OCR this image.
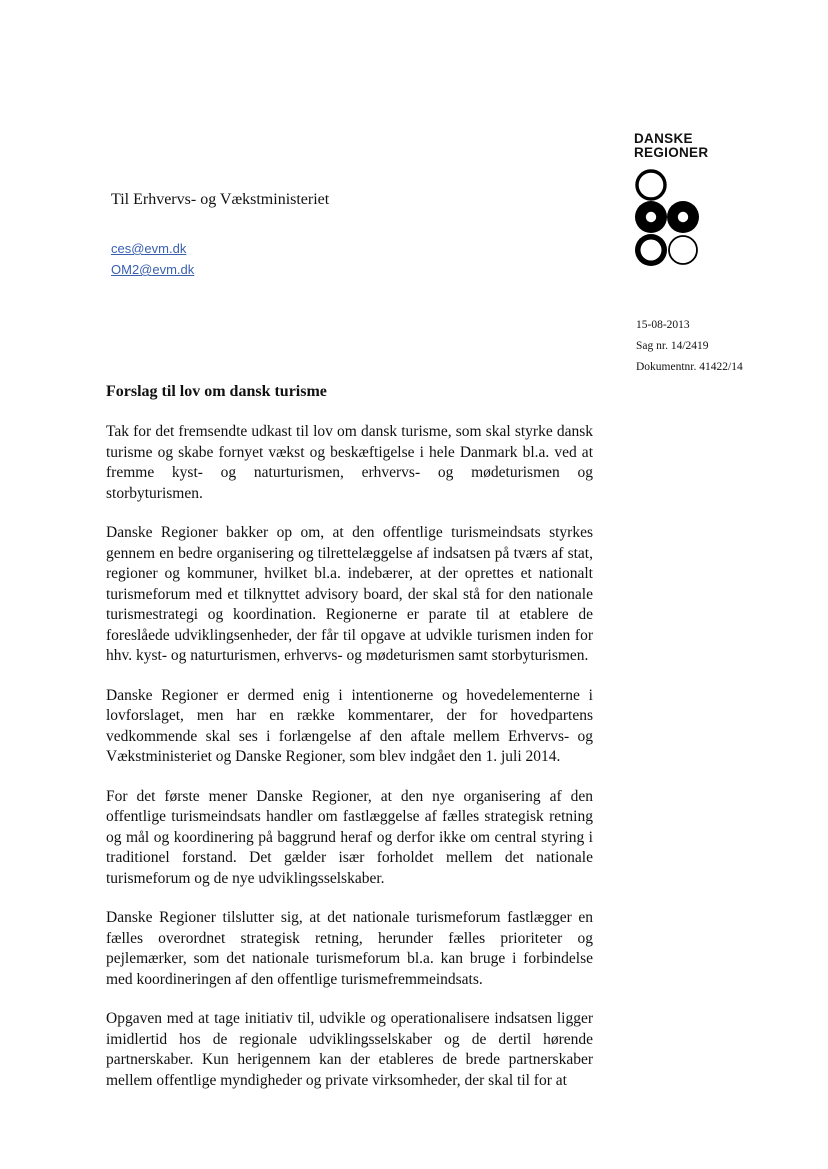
DANSKE
REGIONER
Til Erhvervs- og Vækstministeriet
ces@evm.dk
OM2@evm.dk
15-08-2013
Sag nr. 14/2419
Dokumentnr. 41422/14
Forslag til lov om dansk turisme

Tak for det fremsendte udkast til lov om dansk turisme, som skal styrke dansk turisme og skabe fornyet vækst og beskæftigelse i hele Danmark bl.a. ved at fremme kyst- og naturturismen, erhvervs- og mødeturismen og storbyturismen.

Danske Regioner bakker op om, at den offentlige turismeindsats styrkes gennem en bedre organisering og tilrettelæggelse af indsatsen på tværs af stat, regioner og kommuner, hvilket bl.a. indebærer, at der oprettes et nationalt turismeforum med et tilknyttet advisory board, der skal stå for den nationale turismestrategi og koordination. Regionerne er parate til at etablere de foreslåede udviklingsenheder, der får til opgave at udvikle turismen inden for hhv. kyst- og naturturismen, erhvervs- og mødeturismen samt storbyturismen.

Danske Regioner er dermed enig i intentionerne og hovedelementerne i lovforslaget, men har en række kommentarer, der for hovedpartens vedkommende skal ses i forlængelse af den aftale mellem Erhvervs- og Vækstministeriet og Danske Regioner, som blev indgået den 1. juli 2014.

For det første mener Danske Regioner, at den nye organisering af den offentlige turismeindsats handler om fastlæggelse af fælles strategisk retning og mål og koordinering på baggrund heraf og derfor ikke om central styring i traditionel forstand. Det gælder især forholdet mellem det nationale turismeforum og de nye udviklingsselskaber.

Danske Regioner tilslutter sig, at det nationale turismeforum fastlægger en fælles overordnet strategisk retning, herunder fælles prioriteter og pejlemærker, som det nationale turismeforum bl.a. kan bruge i forbindelse med koordineringen af den offentlige turismefremmeindsats.

Opgaven med at tage initiativ til, udvikle og operationalisere indsatsen ligger imidlertid hos de regionale udviklingsselskaber og de dertil hørende partnerskaber. Kun herigennem kan der etableres de brede partnerskaber mellem offentlige myndigheder og private virksomheder, der skal til for at
